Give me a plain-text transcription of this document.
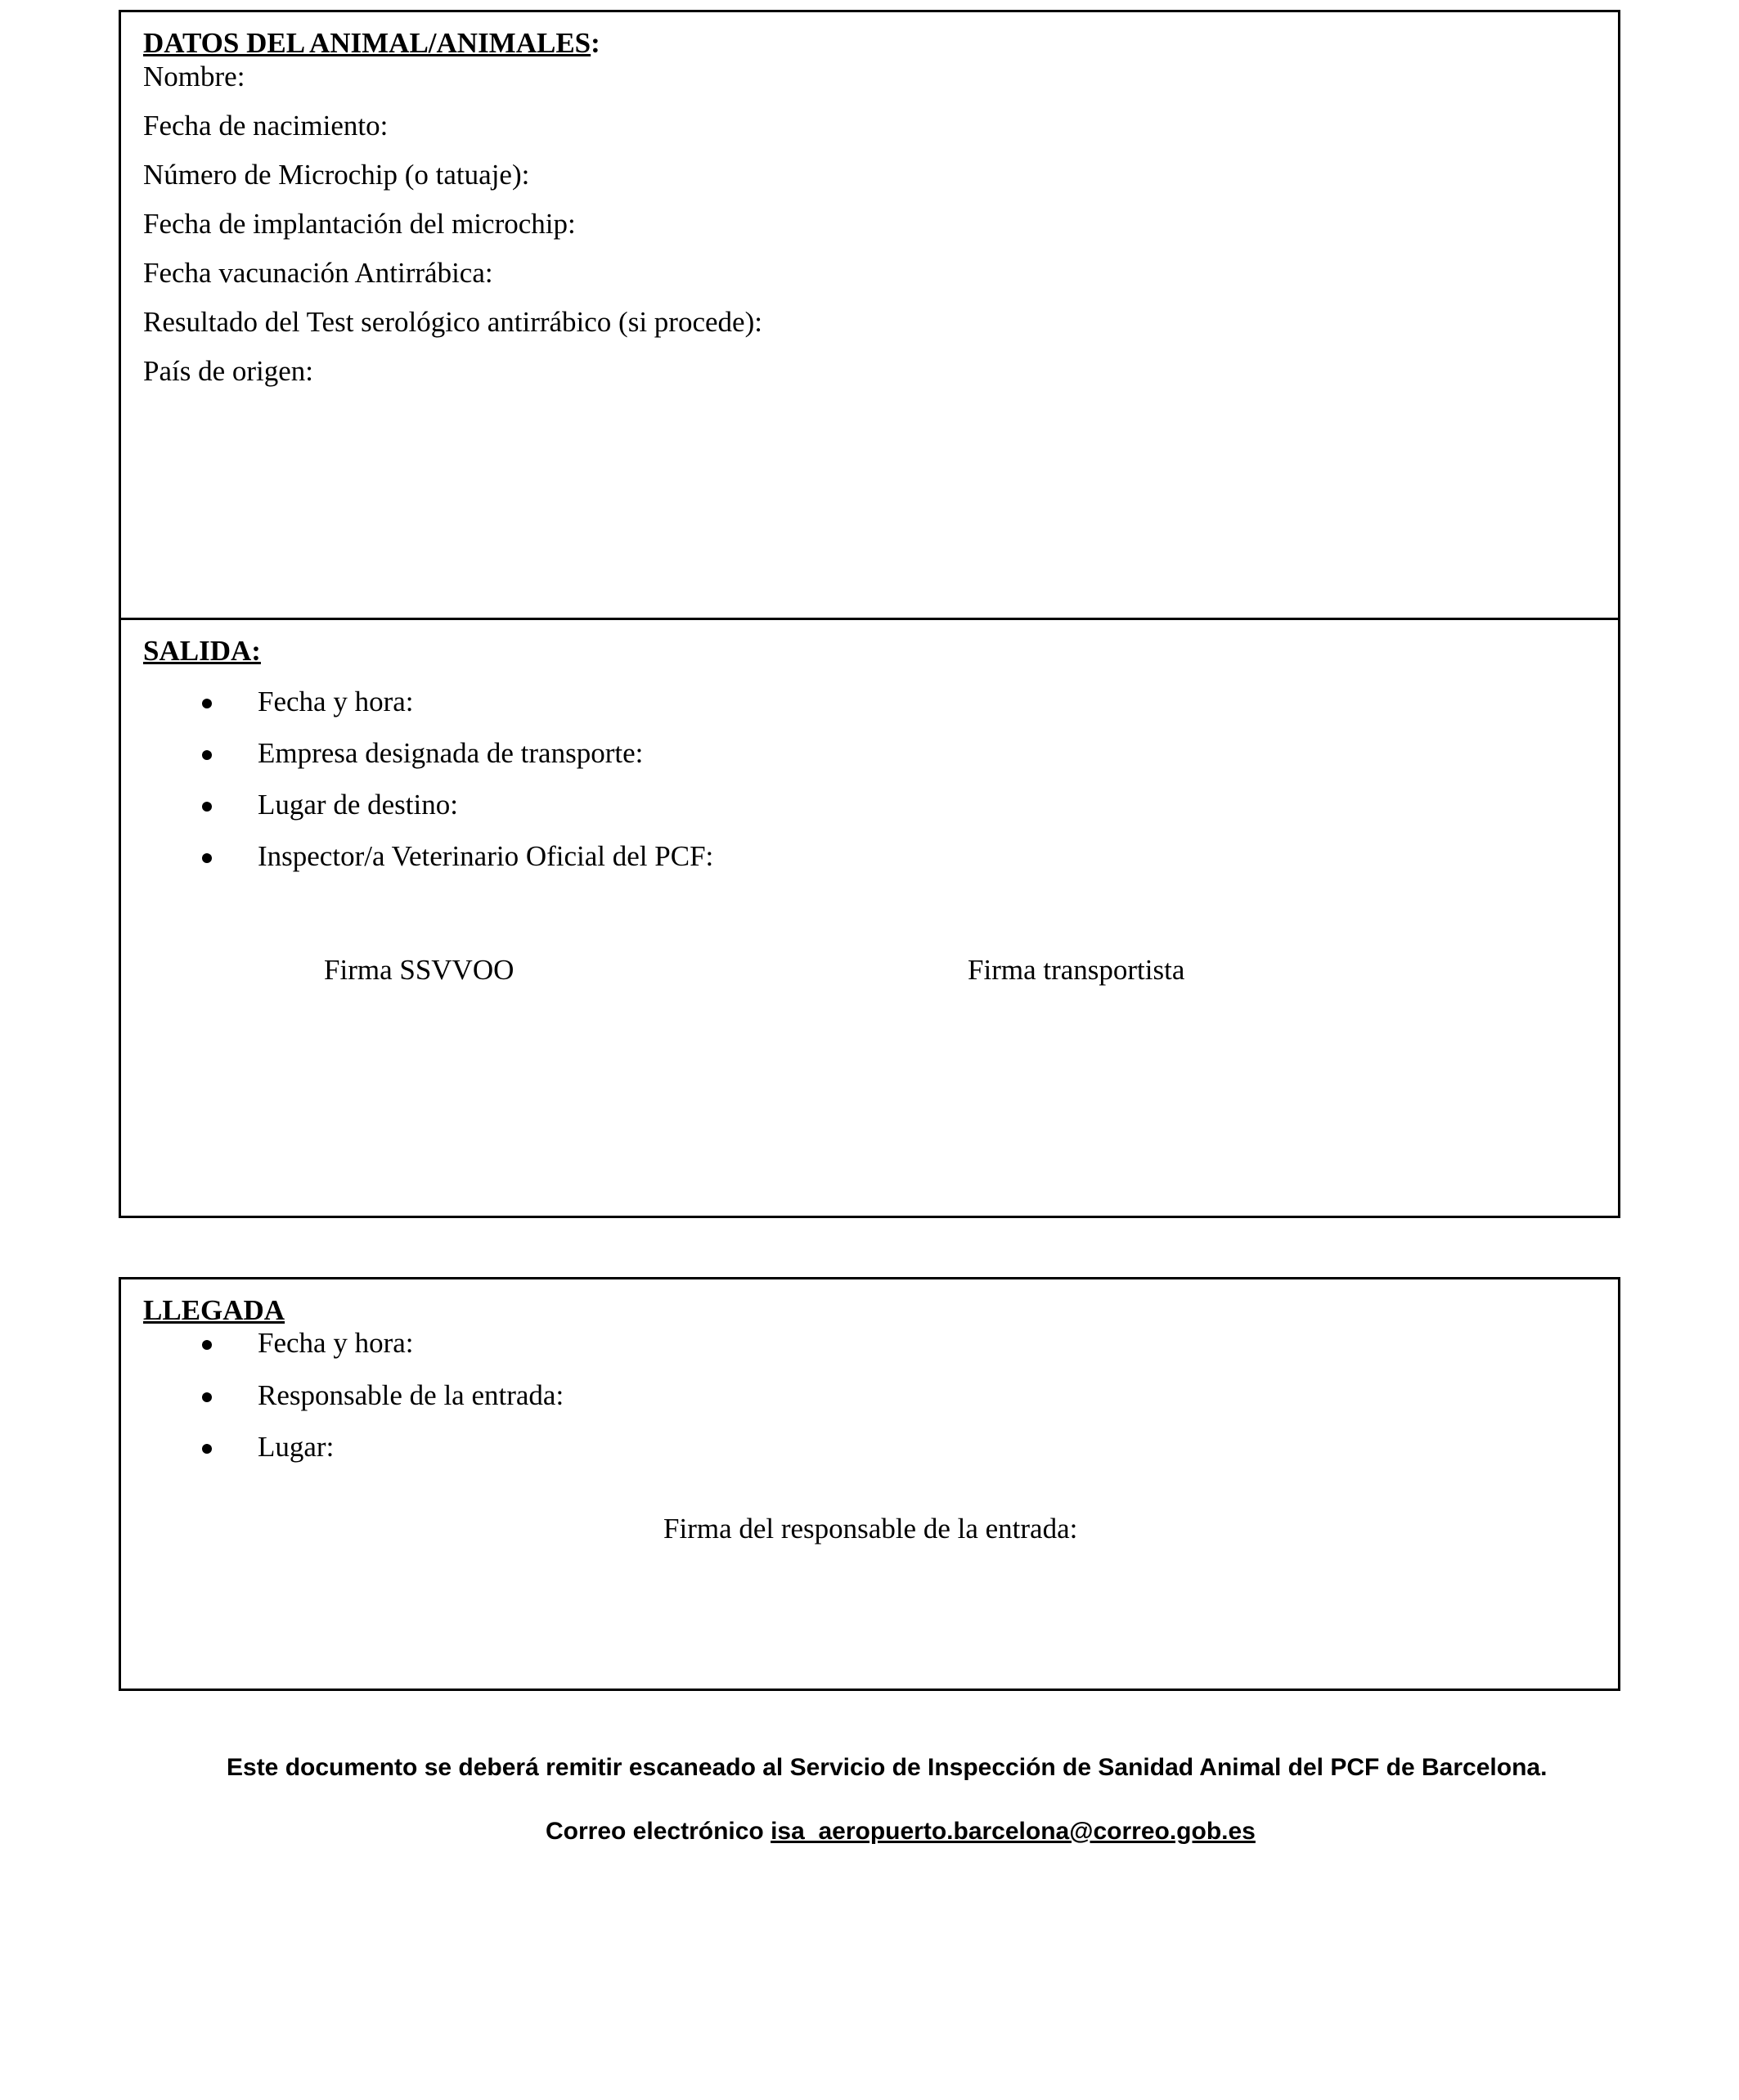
DATOS DEL ANIMAL/ANIMALES:
Nombre:
Fecha de nacimiento:
Número de Microchip (o tatuaje):
Fecha de implantación del microchip:
Fecha vacunación Antirrábica:
Resultado del Test serológico antirrábico (si procede):
País de origen:
SALIDA:
Fecha y hora:
Empresa designada de transporte:
Lugar de destino:
Inspector/a Veterinario Oficial del PCF:
Firma SSVVOO	Firma transportista
LLEGADA
Fecha y hora:
Responsable de la entrada:
Lugar:
Firma del responsable de la entrada:
Este documento se deberá remitir escaneado al Servicio de Inspección de Sanidad Animal del PCF de Barcelona.
Correo electrónico isa_aeropuerto.barcelona@correo.gob.es
